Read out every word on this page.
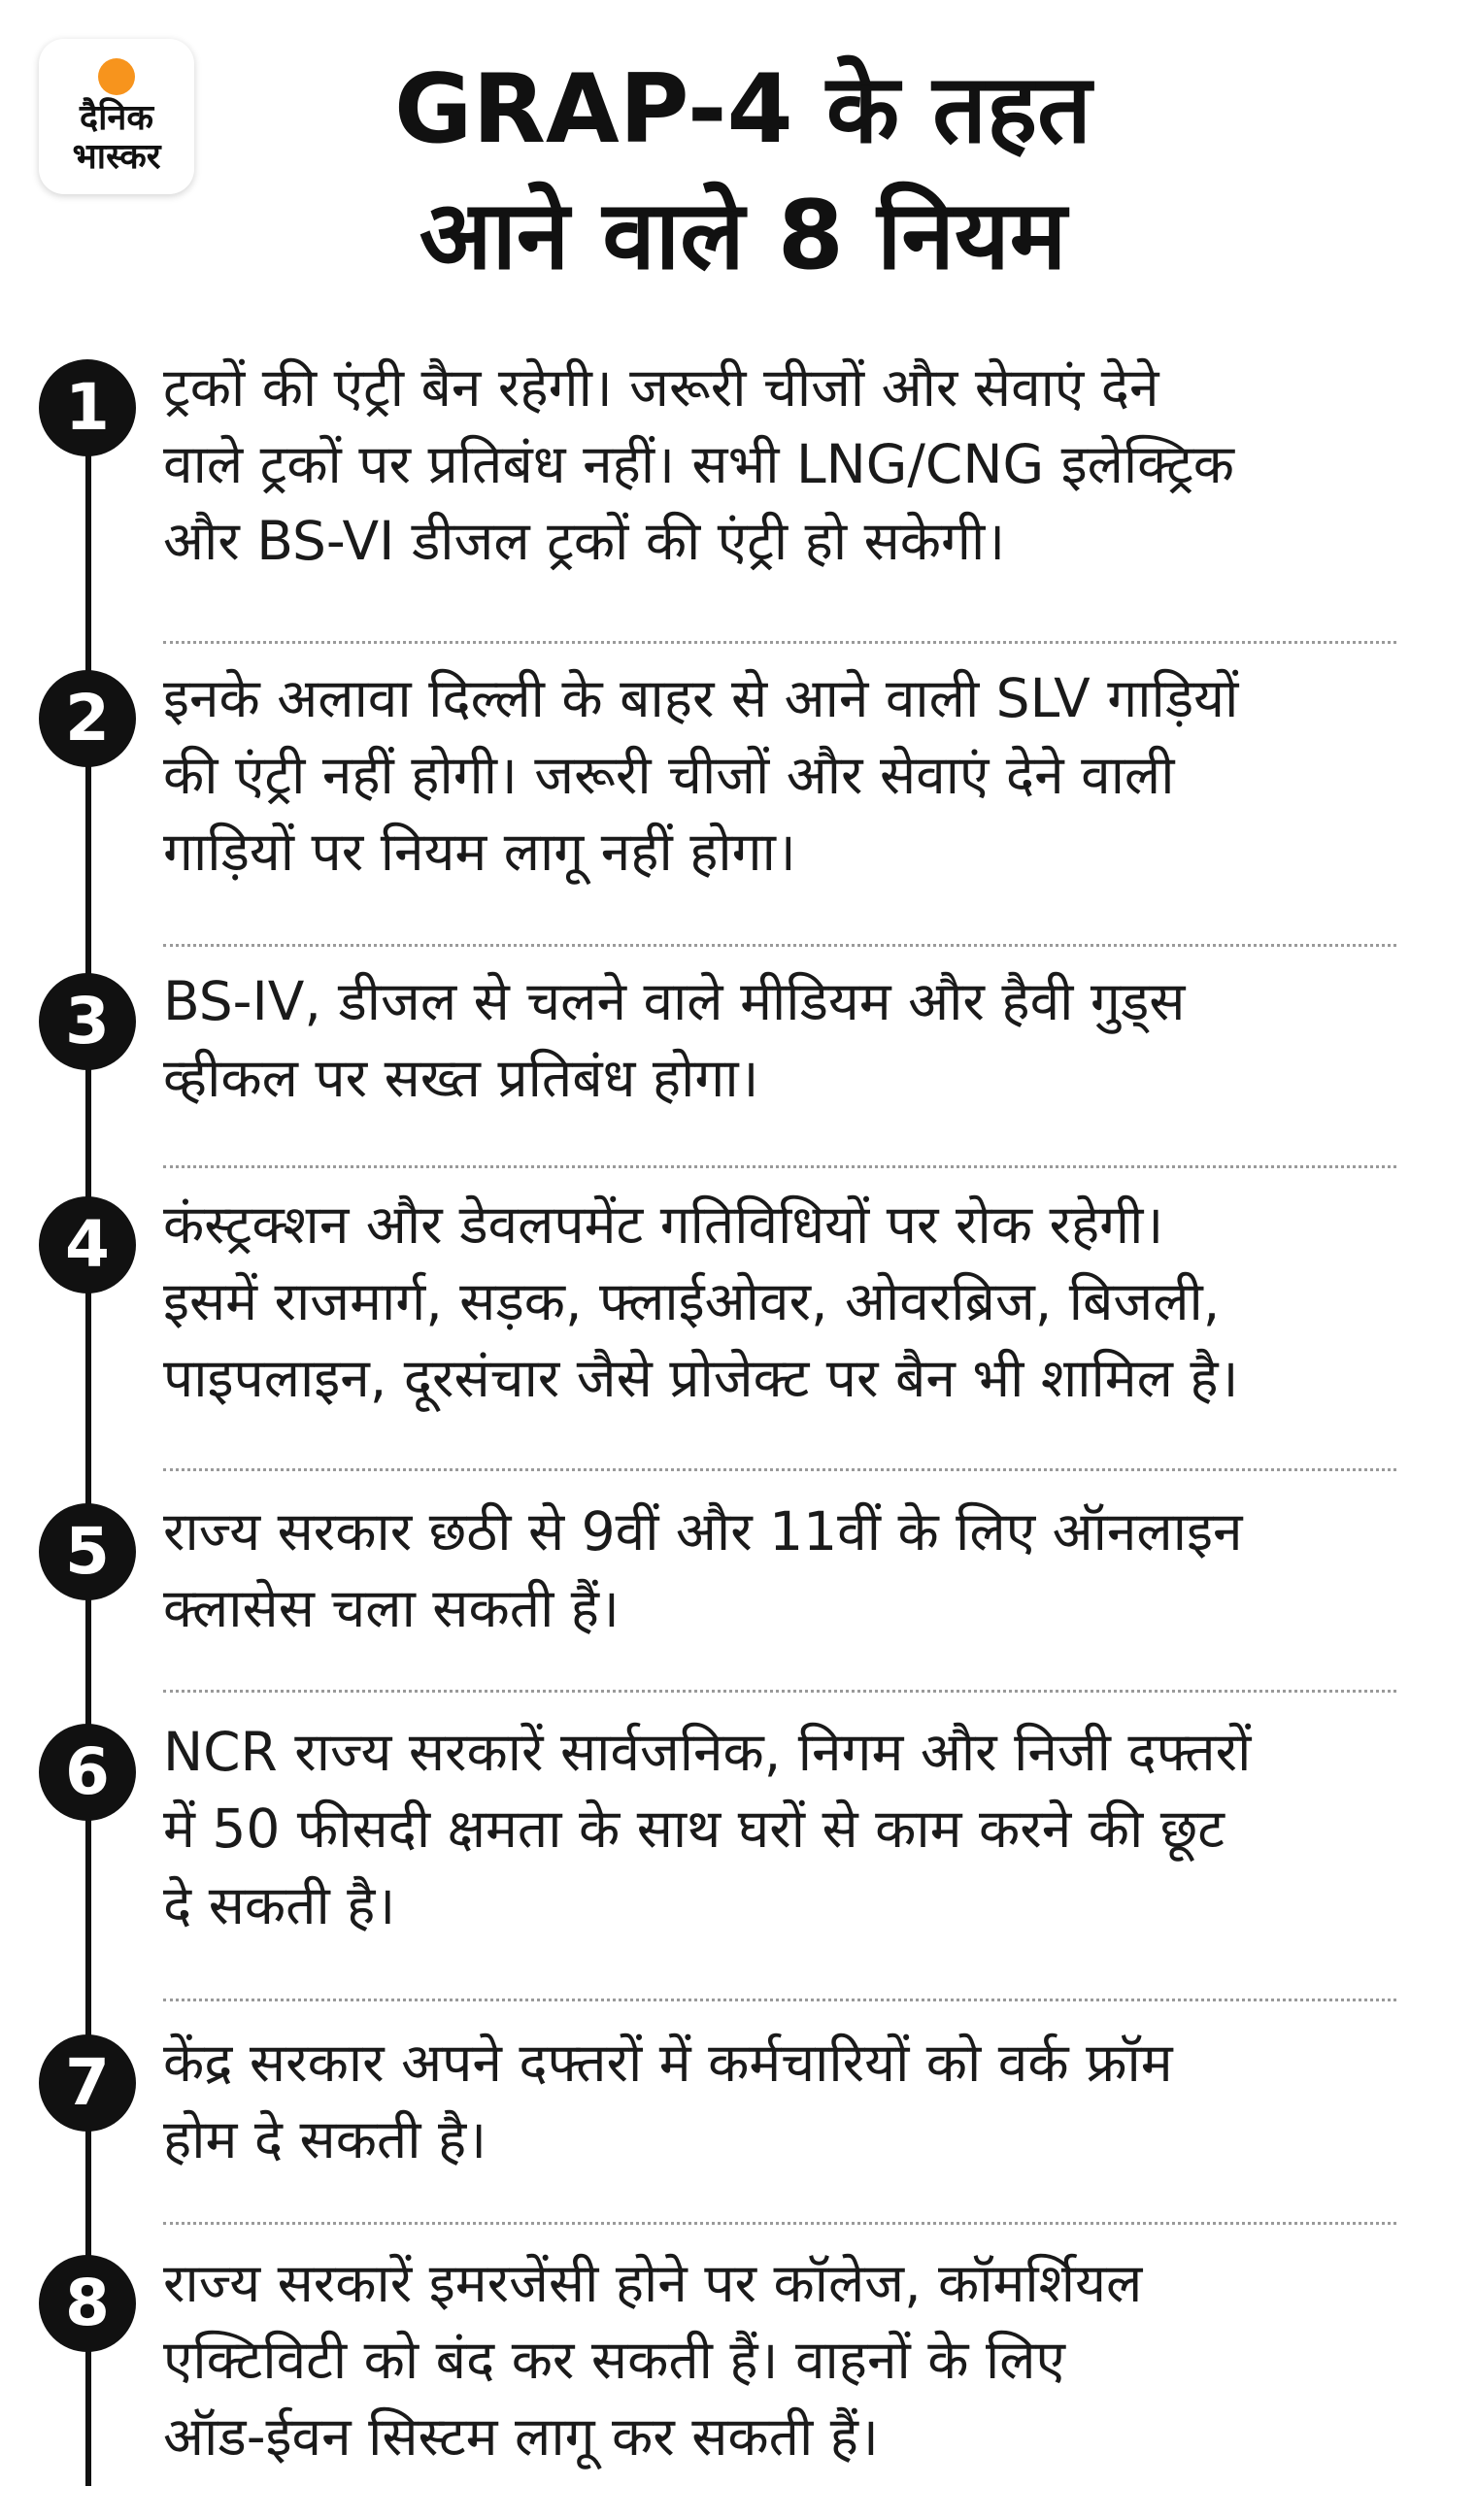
दैनिक
भास्कर	GRAP-4 के तहत
आने वाले 8 नियम
1	ट्रकों की एंट्री बैन रहेगी। जरूरी चीजों और सेवाएं देने
वाले ट्रकों पर प्रतिबंध नहीं। सभी LNG/CNG इलेक्ट्रिक
और BS-VI डीजल ट्रकों की एंट्री हो सकेगी।
2	इनके अलावा दिल्ली के बाहर से आने वाली SLV गाड़ियों
की एंट्री नहीं होगी। जरूरी चीजों और सेवाएं देने वाली
गाड़ियों पर नियम लागू नहीं होगा।
3	BS-IV, डीजल से चलने वाले मीडियम और हैवी गुड्स
व्हीकल पर सख्त प्रतिबंध होगा।
4	कंस्ट्रक्शन और डेवलपमेंट गतिविधियों पर रोक रहेगी।
इसमें राजमार्ग, सड़क, फ्लाईओवर, ओवरब्रिज, बिजली,
पाइपलाइन, दूरसंचार जैसे प्रोजेक्ट पर बैन भी शामिल है।
5	राज्य सरकार छठी से 9वीं और 11वीं के लिए ऑनलाइन
क्लासेस चला सकती हैं।
6	NCR राज्य सरकारें सार्वजनिक, निगम और निजी दफ्तरों
में 50 फीसदी क्षमता के साथ घरों से काम करने की छूट
दे सकती है।
7	केंद्र सरकार अपने दफ्तरों में कर्मचारियों को वर्क फ्रॉम
होम दे सकती है।
8	राज्य सरकारें इमरजेंसी होने पर कॉलेज, कॉमर्शियल
एक्टिविटी को बंद कर सकती हैं। वाहनों के लिए
ऑड-ईवन सिस्टम लागू कर सकती हैं।
